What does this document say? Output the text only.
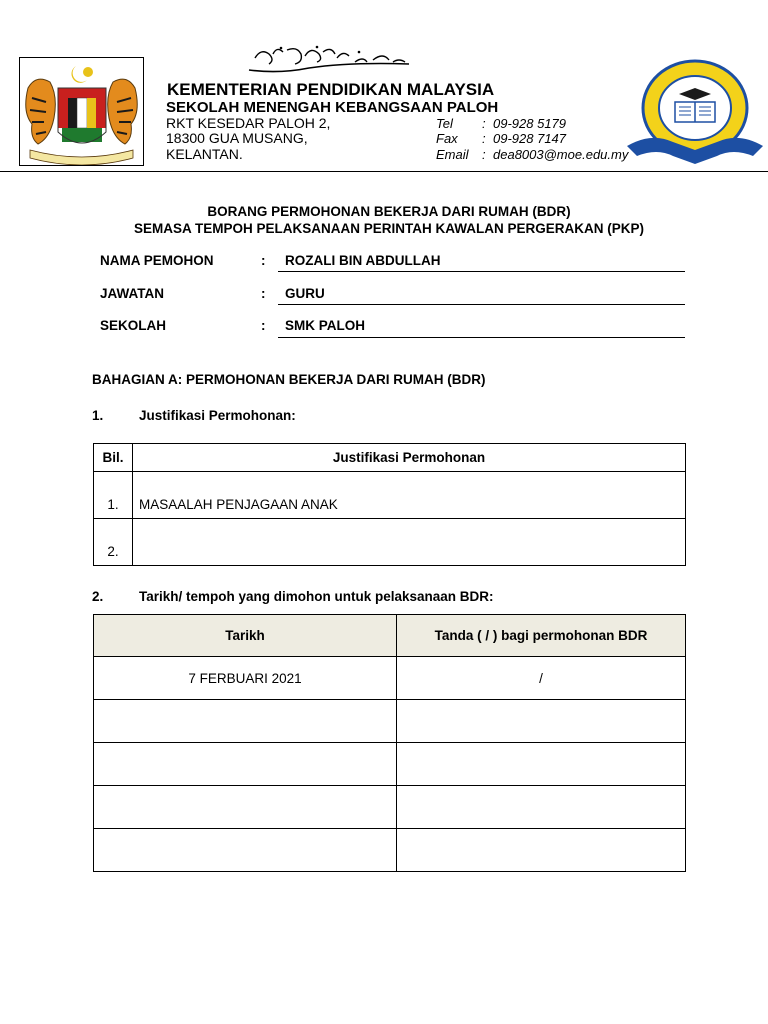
KEMENTERIAN PENDIDIKAN MALAYSIA
SEKOLAH MENENGAH KEBANGSAAN PALOH
RKT KESEDAR PALOH 2,
18300 GUA MUSANG,
KELANTAN.
Tel : 09-928 5179
Fax : 09-928 7147
Email : dea8003@moe.edu.my
BORANG PERMOHONAN BEKERJA DARI RUMAH (BDR)
SEMASA TEMPOH PELAKSANAAN PERINTAH KAWALAN PERGERAKAN (PKP)
NAMA PEMOHON	: ROZALI BIN ABDULLAH
JAWATAN	: GURU
SEKOLAH	: SMK PALOH
BAHAGIAN A: PERMOHONAN BEKERJA DARI RUMAH (BDR)
1.	Justifikasi Permohonan:
Bil.	Justifikasi Permohonan
1.	MASAALAH PENJAGAAN ANAK
2.	
2.	Tarikh/ tempoh yang dimohon untuk pelaksanaan BDR:
Tarikh	Tanda ( / ) bagi permohonan BDR
7 FERBUARI 2021	/
